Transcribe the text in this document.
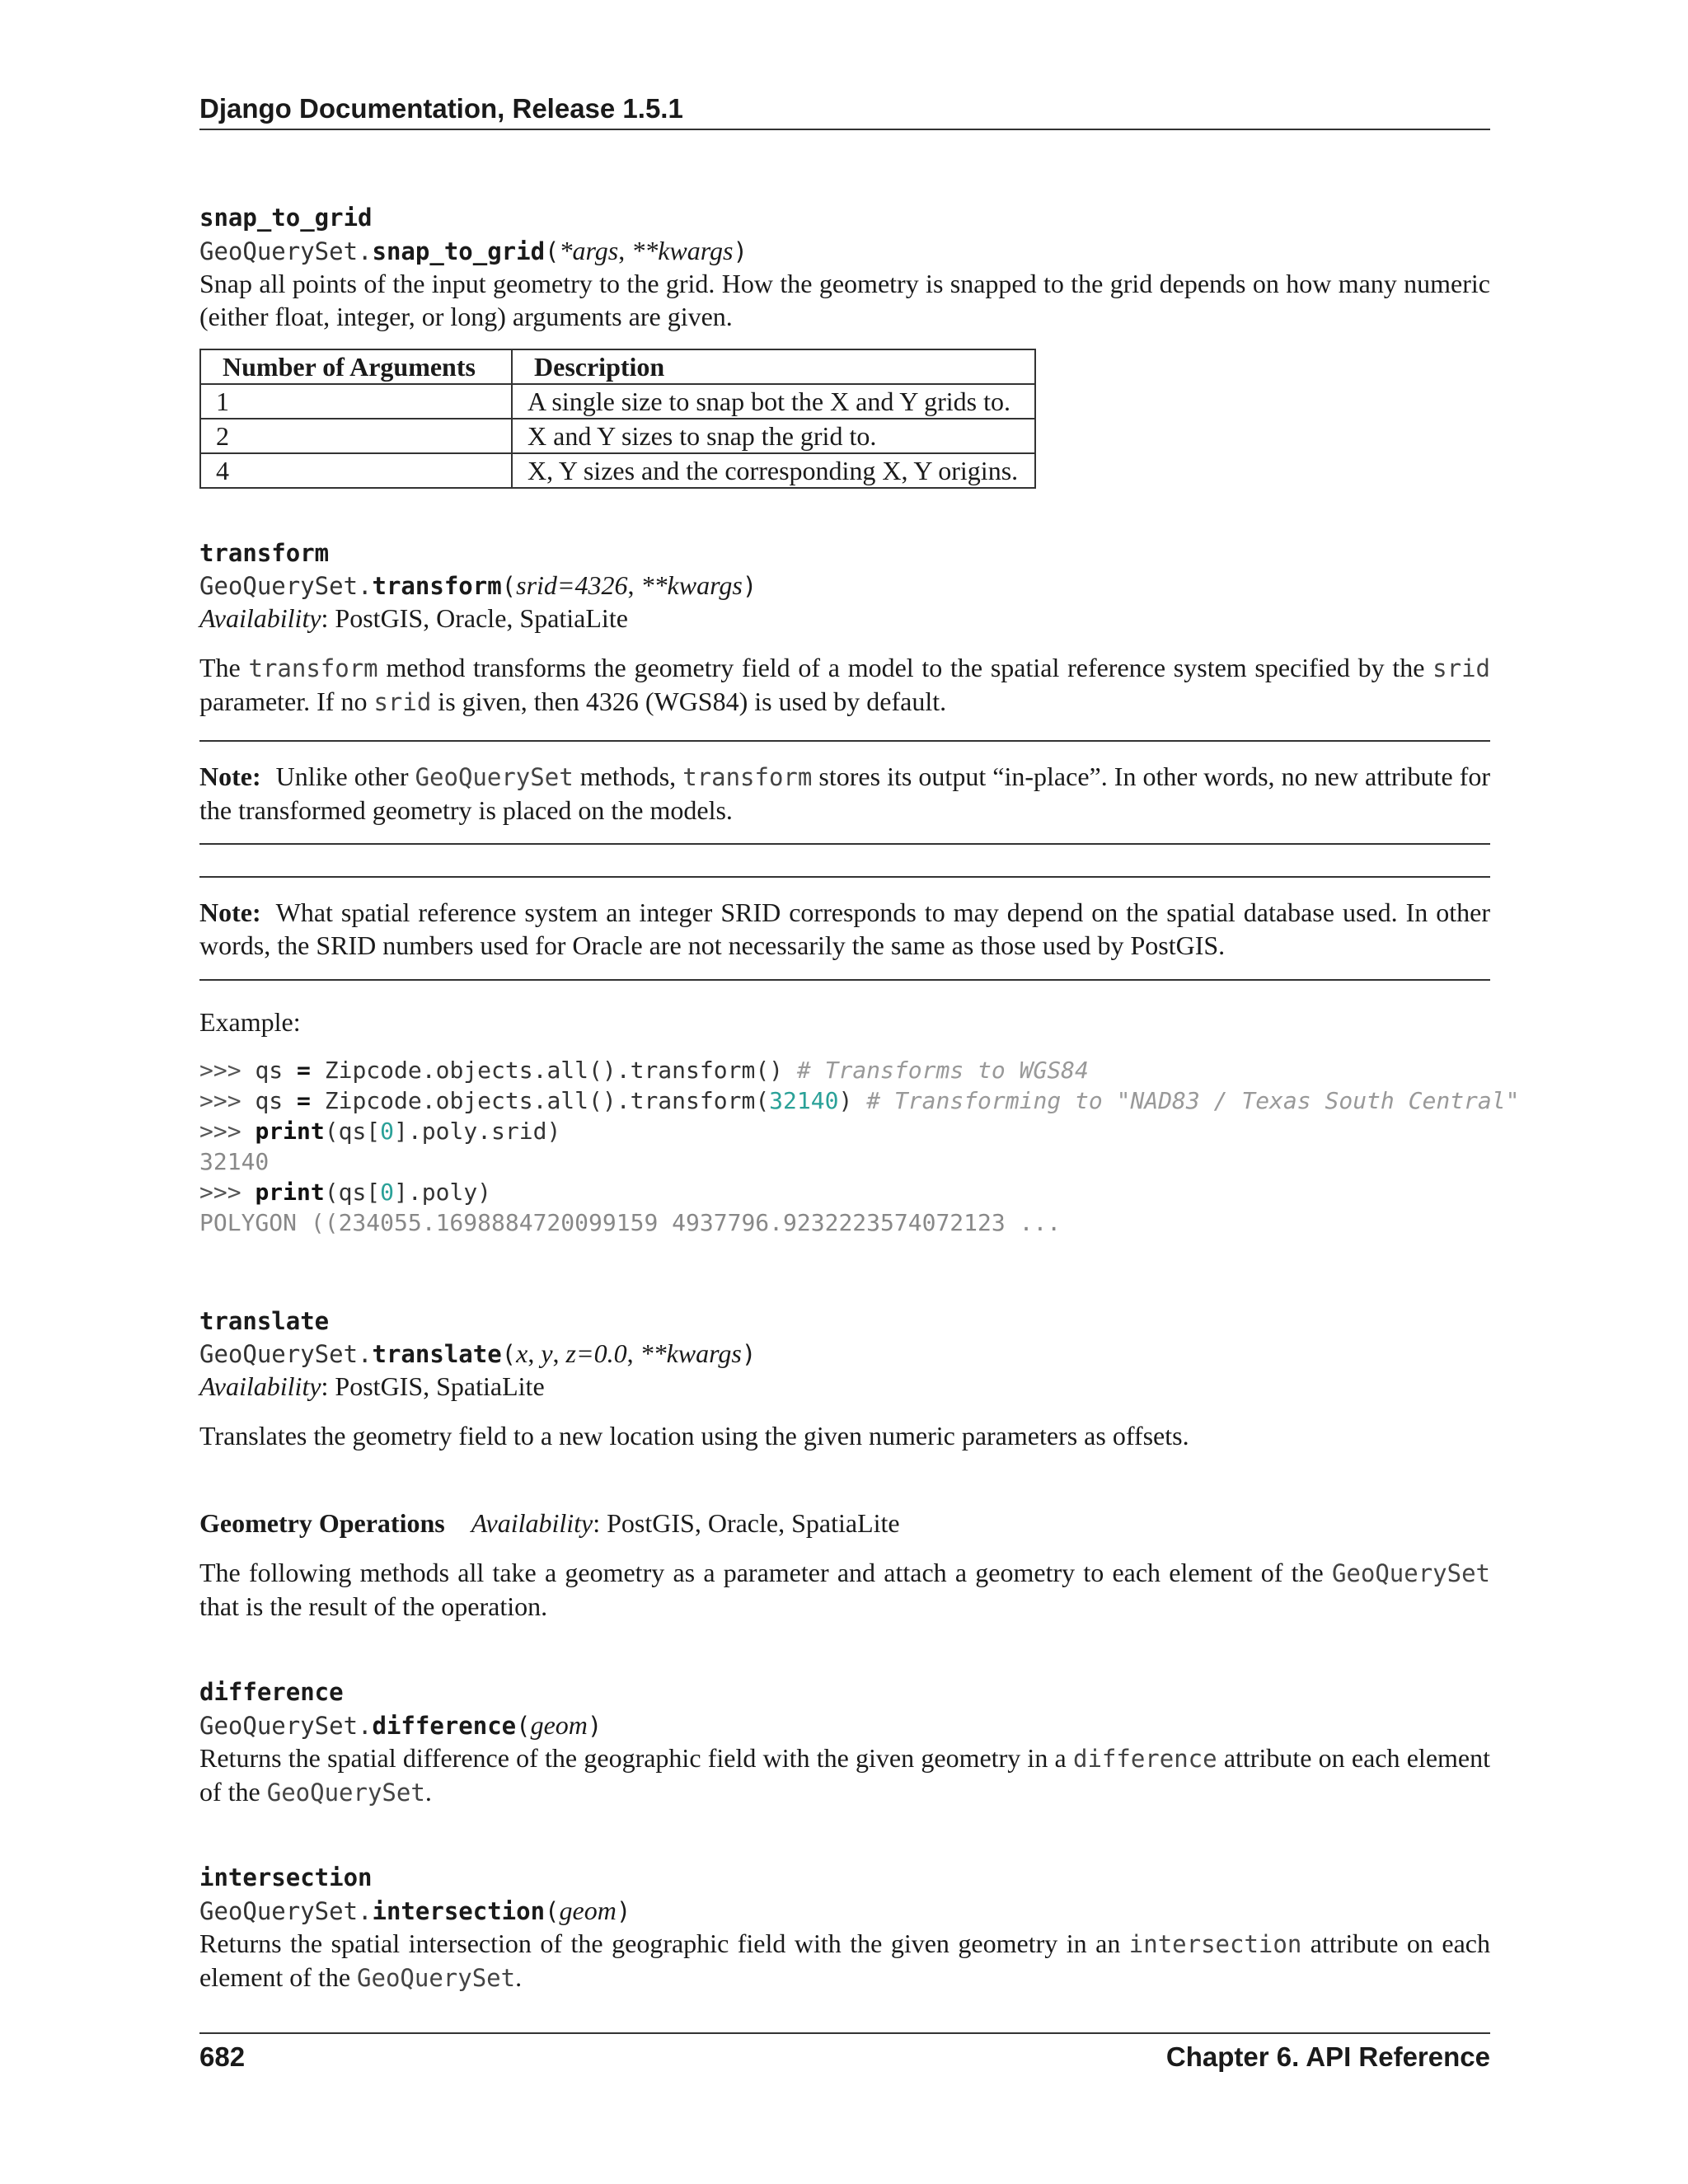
Django Documentation, Release 1.5.1
snap_to_grid
GeoQuerySet.snap_to_grid(*args, **kwargs)
Snap all points of the input geometry to the grid. How the geometry is snapped to the grid depends on how many numeric (either float, integer, or long) arguments are given.
Number of Arguments	Description
1	A single size to snap bot the X and Y grids to.
2	X and Y sizes to snap the grid to.
4	X, Y sizes and the corresponding X, Y origins.
transform
GeoQuerySet.transform(srid=4326, **kwargs)
Availability: PostGIS, Oracle, SpatiaLite
The transform method transforms the geometry field of a model to the spatial reference system specified by the srid parameter. If no srid is given, then 4326 (WGS84) is used by default.
Note: Unlike other GeoQuerySet methods, transform stores its output “in-place”. In other words, no new attribute for the transformed geometry is placed on the models.
Note: What spatial reference system an integer SRID corresponds to may depend on the spatial database used. In other words, the SRID numbers used for Oracle are not necessarily the same as those used by PostGIS.
Example:
>>> qs = Zipcode.objects.all().transform() # Transforms to WGS84
>>> qs = Zipcode.objects.all().transform(32140) # Transforming to "NAD83 / Texas South Central"
>>> print(qs[0].poly.srid)
32140
>>> print(qs[0].poly)
POLYGON ((234055.1698884720099159 4937796.9232223574072123 ...
translate
GeoQuerySet.translate(x, y, z=0.0, **kwargs)
Availability: PostGIS, SpatiaLite
Translates the geometry field to a new location using the given numeric parameters as offsets.
Geometry Operations Availability: PostGIS, Oracle, SpatiaLite
The following methods all take a geometry as a parameter and attach a geometry to each element of the GeoQuerySet that is the result of the operation.
difference
GeoQuerySet.difference(geom)
Returns the spatial difference of the geographic field with the given geometry in a difference attribute on each element of the GeoQuerySet.
intersection
GeoQuerySet.intersection(geom)
Returns the spatial intersection of the geographic field with the given geometry in an intersection attribute on each element of the GeoQuerySet.
682	Chapter 6. API Reference
